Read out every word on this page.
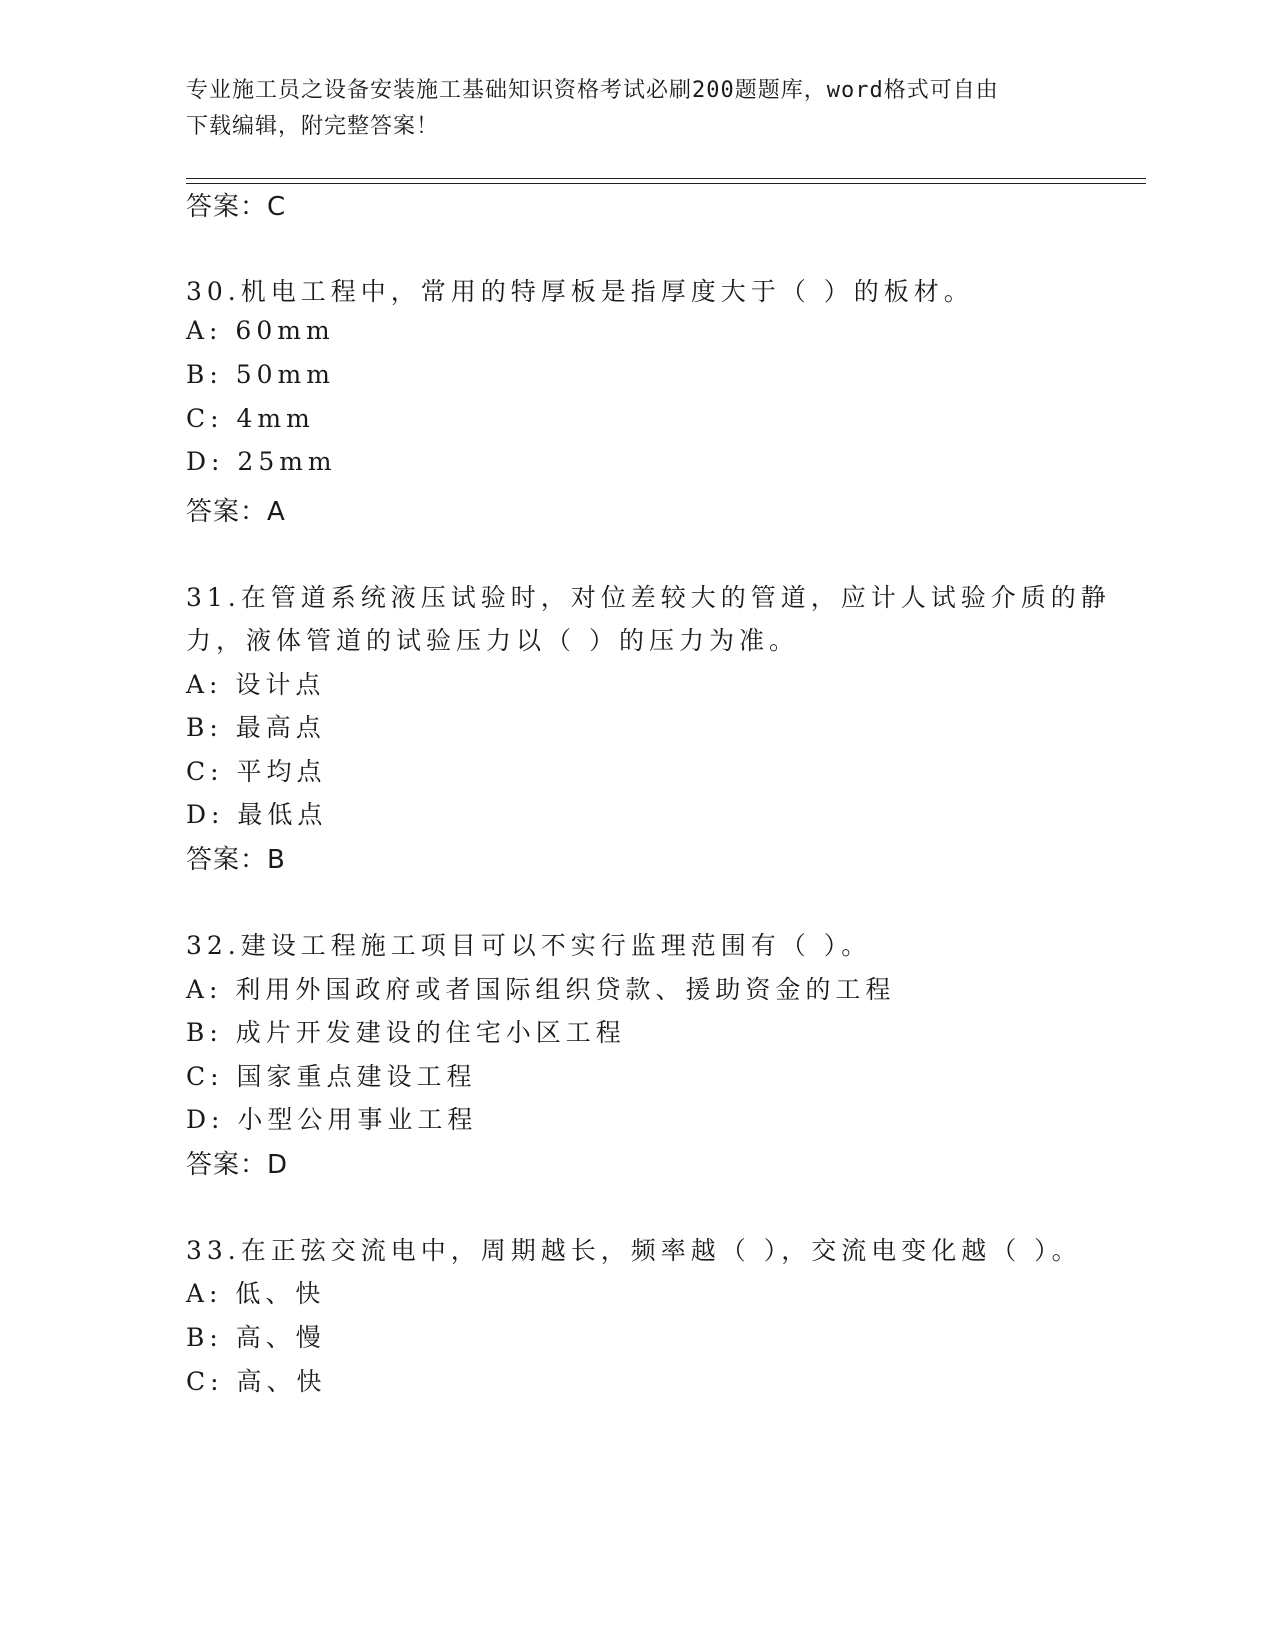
专业施工员之设备安装施工基础知识资格考试必刷200题题库，word格式可自由
下载编辑，附完整答案！
答案：C
30.机电工程中，常用的特厚板是指厚度大于（ ）的板材。
A: 60mm
B: 50mm
C: 4mm
D: 25mm
答案：A
31.在管道系统液压试验时，对位差较大的管道，应计人试验介质的静
力，液体管道的试验压力以（ ）的压力为准。
A: 设计点
B: 最高点
C: 平均点
D: 最低点
答案：B
32.建设工程施工项目可以不实行监理范围有（ ）。
A: 利用外国政府或者国际组织贷款、援助资金的工程
B: 成片开发建设的住宅小区工程
C: 国家重点建设工程
D: 小型公用事业工程
答案：D
33.在正弦交流电中，周期越长，频率越（ ），交流电变化越（ ）。
A: 低、快
B: 高、慢
C: 高、快
